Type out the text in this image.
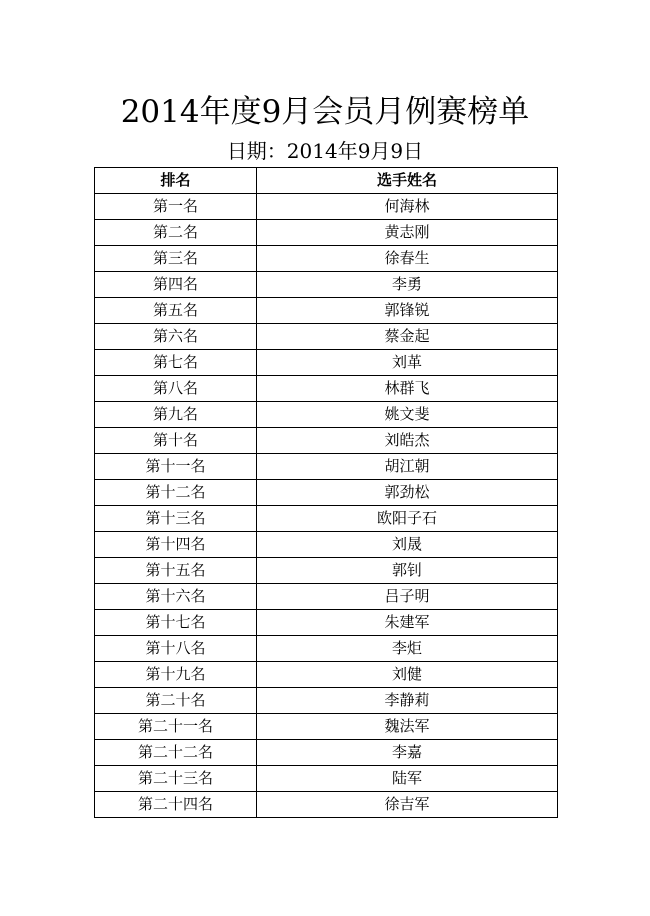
2014年度9月会员月例赛榜单
日期：2014年9月9日
排名	选手姓名
第一名	何海林
第二名	黄志刚
第三名	徐春生
第四名	李勇
第五名	郭锋锐
第六名	蔡金起
第七名	刘革
第八名	林群飞
第九名	姚文斐
第十名	刘皓杰
第十一名	胡江朝
第十二名	郭劲松
第十三名	欧阳子石
第十四名	刘晟
第十五名	郭钊
第十六名	吕子明
第十七名	朱建军
第十八名	李炬
第十九名	刘健
第二十名	李静莉
第二十一名	魏法军
第二十二名	李嘉
第二十三名	陆军
第二十四名	徐吉军
